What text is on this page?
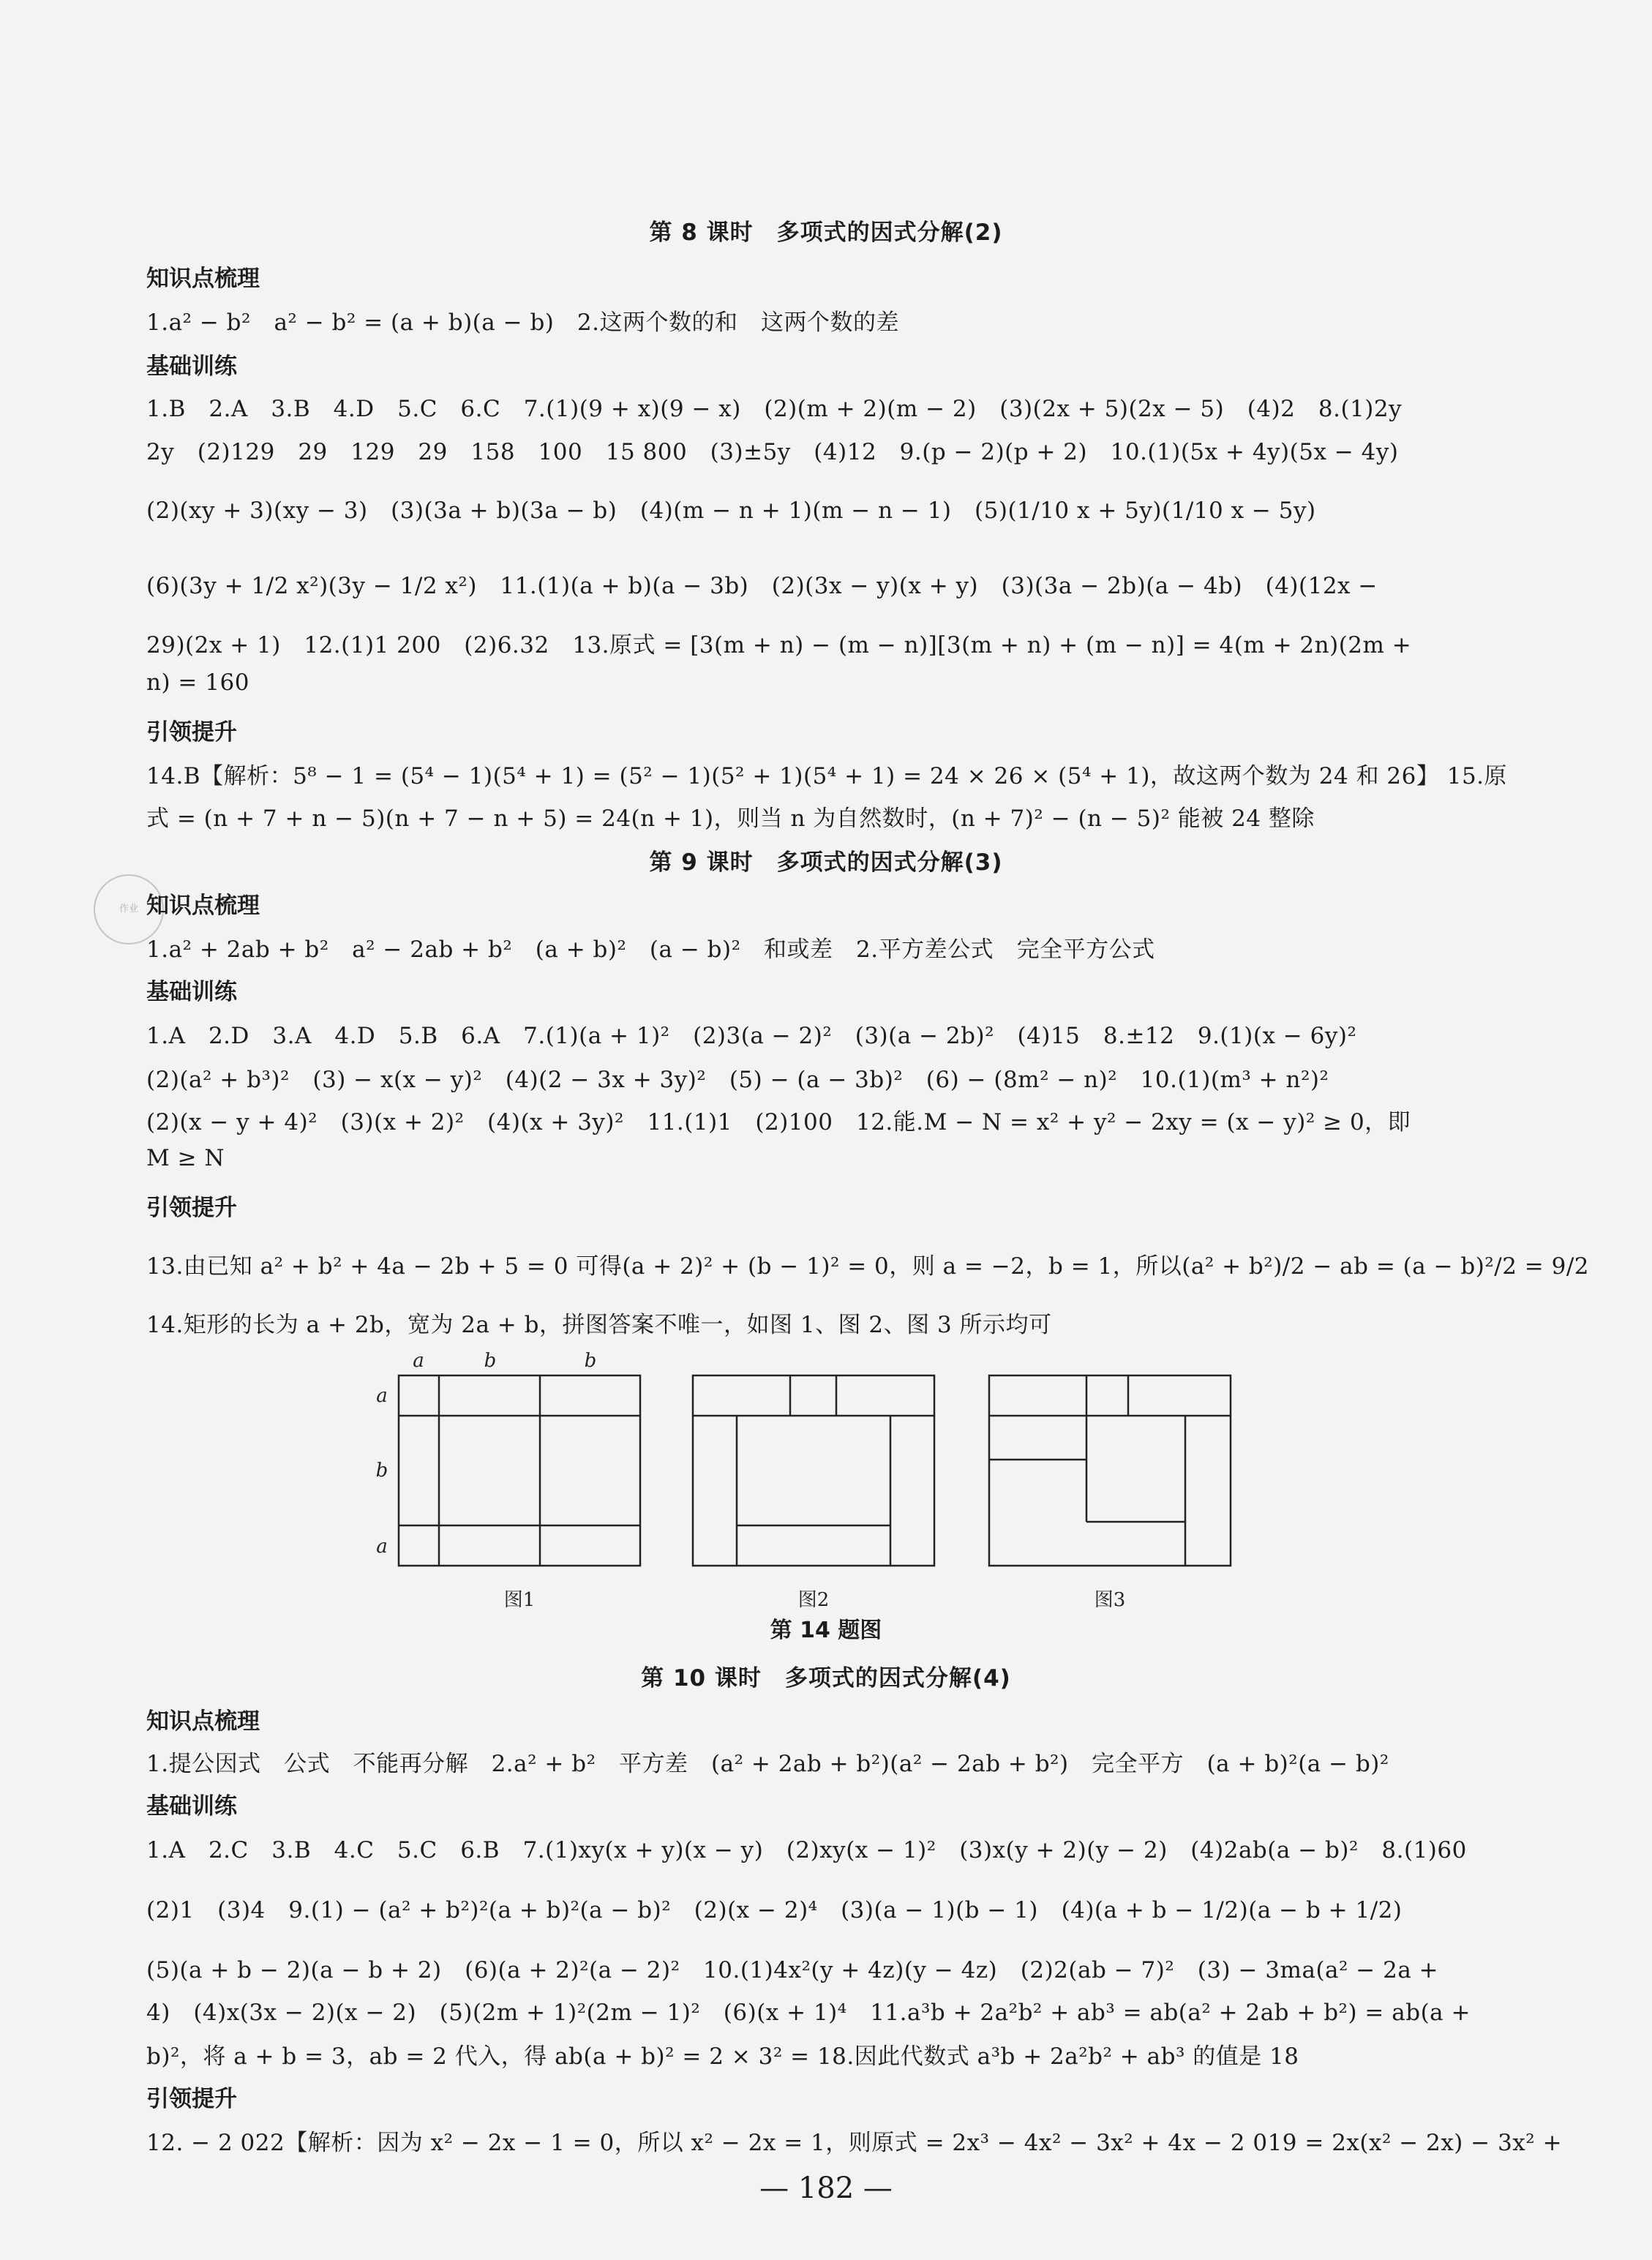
第 8 课时　多项式的因式分解(2)
知识点梳理
1.a² − b²　a² − b² = (a + b)(a − b)　2.这两个数的和　这两个数的差
基础训练
1.B　2.A　3.B　4.D　5.C　6.C　7.(1)(9 + x)(9 − x)　(2)(m + 2)(m − 2)　(3)(2x + 5)(2x − 5)　(4)2　8.(1)2y
2y　(2)129　29　129　29　158　100　15 800　(3)±5y　(4)12　9.(p − 2)(p + 2)　10.(1)(5x + 4y)(5x − 4y)
(2)(xy + 3)(xy − 3)　(3)(3a + b)(3a − b)　(4)(m − n + 1)(m − n − 1)　(5)(1/10 x + 5y)(1/10 x − 5y)
(6)(3y + 1/2 x²)(3y − 1/2 x²)　11.(1)(a + b)(a − 3b)　(2)(3x − y)(x + y)　(3)(3a − 2b)(a − 4b)　(4)(12x −
29)(2x + 1)　12.(1)1 200　(2)6.32　13.原式 = [3(m + n) − (m − n)][3(m + n) + (m − n)] = 4(m + 2n)(2m +
n) = 160
引领提升
14.B【解析：5⁸ − 1 = (5⁴ − 1)(5⁴ + 1) = (5² − 1)(5² + 1)(5⁴ + 1) = 24 × 26 × (5⁴ + 1)，故这两个数为 24 和 26】 15.原
式 = (n + 7 + n − 5)(n + 7 − n + 5) = 24(n + 1)，则当 n 为自然数时，(n + 7)² − (n − 5)² 能被 24 整除
第 9 课时　多项式的因式分解(3)
作业 知识点梳理
1.a² + 2ab + b²　a² − 2ab + b²　(a + b)²　(a − b)²　和或差　2.平方差公式　完全平方公式
基础训练
1.A　2.D　3.A　4.D　5.B　6.A　7.(1)(a + 1)²　(2)3(a − 2)²　(3)(a − 2b)²　(4)15　8.±12　9.(1)(x − 6y)²
(2)(a² + b³)²　(3) − x(x − y)²　(4)(2 − 3x + 3y)²　(5) − (a − 3b)²　(6) − (8m² − n)²　10.(1)(m³ + n²)²
(2)(x − y + 4)²　(3)(x + 2)²　(4)(x + 3y)²　11.(1)1　(2)100　12.能.M − N = x² + y² − 2xy = (x − y)² ≥ 0，即
M ≥ N
引领提升
13.由已知 a² + b² + 4a − 2b + 5 = 0 可得(a + 2)² + (b − 1)² = 0，则 a = −2，b = 1，所以(a² + b²)/2 − ab = (a − b)²/2 = 9/2
14.矩形的长为 a + 2b，宽为 2a + b，拼图答案不唯一，如图 1、图 2、图 3 所示均可
a	b	b
a
b
a
图1	图2	图3
第 14 题图
第 10 课时　多项式的因式分解(4)
知识点梳理
1.提公因式　公式　不能再分解　2.a² + b²　平方差　(a² + 2ab + b²)(a² − 2ab + b²)　完全平方　(a + b)²(a − b)²
基础训练
1.A　2.C　3.B　4.C　5.C　6.B　7.(1)xy(x + y)(x − y)　(2)xy(x − 1)²　(3)x(y + 2)(y − 2)　(4)2ab(a − b)²　8.(1)60
(2)1　(3)4　9.(1) − (a² + b²)²(a + b)²(a − b)²　(2)(x − 2)⁴　(3)(a − 1)(b − 1)　(4)(a + b − 1/2)(a − b + 1/2)
(5)(a + b − 2)(a − b + 2)　(6)(a + 2)²(a − 2)²　10.(1)4x²(y + 4z)(y − 4z)　(2)2(ab − 7)²　(3) − 3ma(a² − 2a +
4)　(4)x(3x − 2)(x − 2)　(5)(2m + 1)²(2m − 1)²　(6)(x + 1)⁴　11.a³b + 2a²b² + ab³ = ab(a² + 2ab + b²) = ab(a +
b)²，将 a + b = 3，ab = 2 代入，得 ab(a + b)² = 2 × 3² = 18.因此代数式 a³b + 2a²b² + ab³ 的值是 18
引领提升
12. − 2 022【解析：因为 x² − 2x − 1 = 0，所以 x² − 2x = 1，则原式 = 2x³ − 4x² − 3x² + 4x − 2 019 = 2x(x² − 2x) − 3x² +
— 182 —
